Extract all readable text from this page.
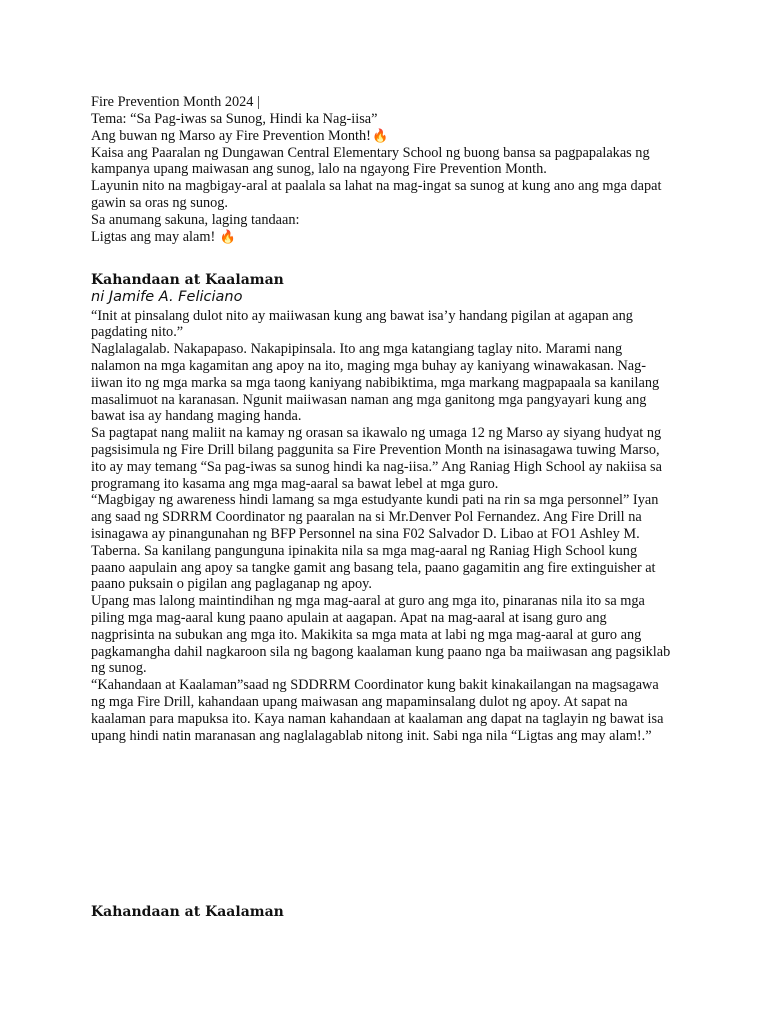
Fire Prevention Month 2024 |

Tema: “Sa Pag-iwas sa Sunog, Hindi ka Nag-iisa”

Ang buwan ng Marso ay Fire Prevention Month!🔥

Kaisa ang Paaralan ng Dungawan Central Elementary School ng buong bansa sa pagpapalakas ng

kampanya upang maiwasan ang sunog, lalo na ngayong Fire Prevention Month.

Layunin nito na magbigay-aral at paalala sa lahat na mag-ingat sa sunog at kung ano ang mga dapat

gawin sa oras ng sunog.

Sa anumang sakuna, laging tandaan:

Ligtas ang may alam! 🔥

Kahandaan at Kaalaman

ni Jamife A. Feliciano

“Init at pinsalang dulot nito ay maiiwasan kung ang bawat isa’y handang pigilan at agapan ang

pagdating nito.”

Naglalagalab. Nakapapaso. Nakapipinsala. Ito ang mga katangiang taglay nito. Marami nang

nalamon na mga kagamitan ang apoy na ito, maging mga buhay ay kaniyang winawakasan. Nag-

iiwan ito ng mga marka sa mga taong kaniyang nabibiktima, mga markang magpapaala sa kanilang

masalimuot na karanasan. Ngunit maiiwasan naman ang mga ganitong mga pangyayari kung ang

bawat isa ay handang maging handa.

Sa pagtapat nang maliit na kamay ng orasan sa ikawalo ng umaga 12 ng Marso ay siyang hudyat ng

pagsisimula ng Fire Drill bilang paggunita sa Fire Prevention Month na isinasagawa tuwing Marso,

ito ay may temang “Sa pag-iwas sa sunog hindi ka nag-iisa.” Ang Raniag High School ay nakiisa sa

programang ito kasama ang mga mag-aaral sa bawat lebel at mga guro.

“Magbigay ng awareness hindi lamang sa mga estudyante kundi pati na rin sa mga personnel” Iyan

ang saad ng SDRRM Coordinator ng paaralan na si Mr.Denver Pol Fernandez. Ang Fire Drill na

isinagawa ay pinangunahan ng BFP Personnel na sina F02 Salvador D. Libao at FO1 Ashley M.

Taberna. Sa kanilang pangunguna ipinakita nila sa mga mag-aaral ng Raniag High School kung

paano aapulain ang apoy sa tangke gamit ang basang tela, paano gagamitin ang fire extinguisher at

paano puksain o pigilan ang paglaganap ng apoy.

Upang mas lalong maintindihan ng mga mag-aaral at guro ang mga ito, pinaranas nila ito sa mga

piling mga mag-aaral kung paano apulain at aagapan. Apat na mag-aaral at isang guro ang

nagprisinta na subukan ang mga ito. Makikita sa mga mata at labi ng mga mag-aaral at guro ang

pagkamangha dahil nagkaroon sila ng bagong kaalaman kung paano nga ba maiiwasan ang pagsiklab

ng sunog.

“Kahandaan at Kaalaman”saad ng SDDRRM Coordinator kung bakit kinakailangan na magsagawa

ng mga Fire Drill, kahandaan upang maiwasan ang mapaminsalang dulot ng apoy. At sapat na

kaalaman para mapuksa ito. Kaya naman kahandaan at kaalaman ang dapat na taglayin ng bawat isa

upang hindi natin maranasan ang naglalagablab nitong init. Sabi nga nila “Ligtas ang may alam!.”

Kahandaan at Kaalaman
